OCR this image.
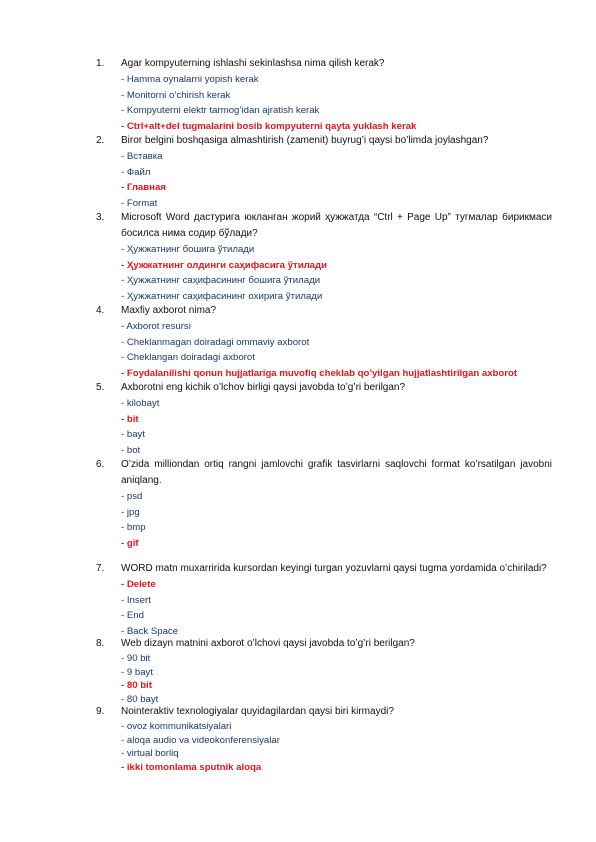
1.	Agar kompyuterning ishlashi sekinlashsa nima qilish kerak?
- Hamma oynalarni yopish kerak
- Monitorni o’chirish kerak
- Kompyuterni elektr tarmog’idan ajratish kerak
- Ctrl+alt+del tugmalarini bosib kompyuterni qayta yuklash kerak
2.	Biror belgini boshqasiga almashtirish (zamenit) buyrug’i qaysi bo’limda joylashgan?
- Вставка
- Файл
- Главная
- Format
3.	Microsoft Word дастурига юкланган жорий ҳужжатда “Ctrl + Page Up” тугмалар бирикмаси босилса нима содир бўлади?
- Ҳужжатнинг бошига ўтилади
- Ҳужжатнинг олдинги саҳифасига ўтилади
- Ҳужжатнинг саҳифасининг бошига ўтилади
- Ҳужжатнинг саҳифасининг охирига ўтилади
4.	Maxfiy axborot nima?
- Axborot resursi
- Cheklanmagan doiradagi ommaviy axborot
- Cheklangan doiradagi axborot
- Foydalanilishi qonun hujjatlariga muvofiq cheklab qo’yilgan hujjatlashtirilgan axborot
5.	Axborotni eng kichik o’lchov birligi qaysi javobda to’g’ri berilgan?
- kilobayt
- bit
- bayt
- bot
6.	O’zida milliondan ortiq rangni jamlovchi grafik tasvirlarni saqlovchi format ko’rsatilgan javobni aniqlang.
- psd
- jpg
- bmp
- gif
7.	WORD matn muxarririda kursordan keyingi turgan yozuvlarni qaysi tugma yordamida o’chiriladi?
- Delete
- Insert
- End
- Back Space
8.	Web dizayn matnini axborot o’lchovi qaysi javobda to’g’ri berilgan?
- 90 bit
- 9 bayt
- 80 bit
- 80 bayt
9.	Nointeraktiv texnologiyalar quyidagilardan qaysi biri kirmaydi?
- ovoz kommunikatsiyalari
- aloqa audio va videokonferensiyalar
- virtual borliq
- ikki tomonlama sputnik aloqa
